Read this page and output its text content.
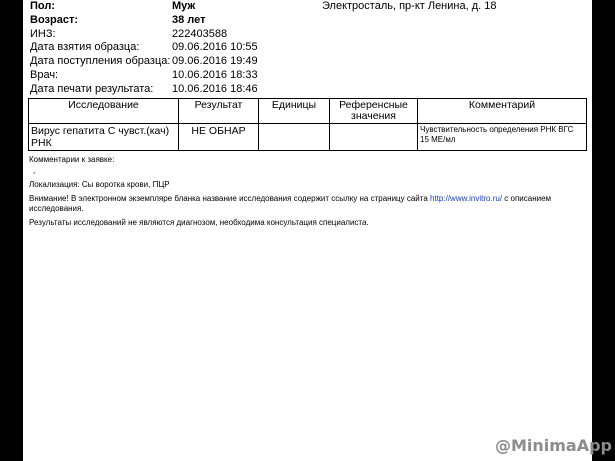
Пол:	Муж	Электросталь, пр-кт Ленина, д. 18
Возраст:	38 лет
ИНЗ:	222403588
Дата взятия образца:	09.06.2016 10:55
Дата поступления образца: 09.06.2016 19:49
Врач:	10.06.2016 18:33
Дата печати результата:	10.06.2016 18:46
Исследование	Результат	Единицы	Референсные значения	Комментарий
Вирус гепатита С чувст.(кач) РНК	НЕ ОБНАР			Чувствительность определения РНК ВГС 15 МЕ/мл
Комментарии к заявке:
,
Локализация: Сы воротка крови, ПЦР
Внимание! В электронном экземпляре бланка название исследования содержит ссылку на страницу сайта http://www.invitro.ru/ с описанием исследования.
Результаты исследований не являются диагнозом, необходима консультация специалиста.
@MinimaApp
